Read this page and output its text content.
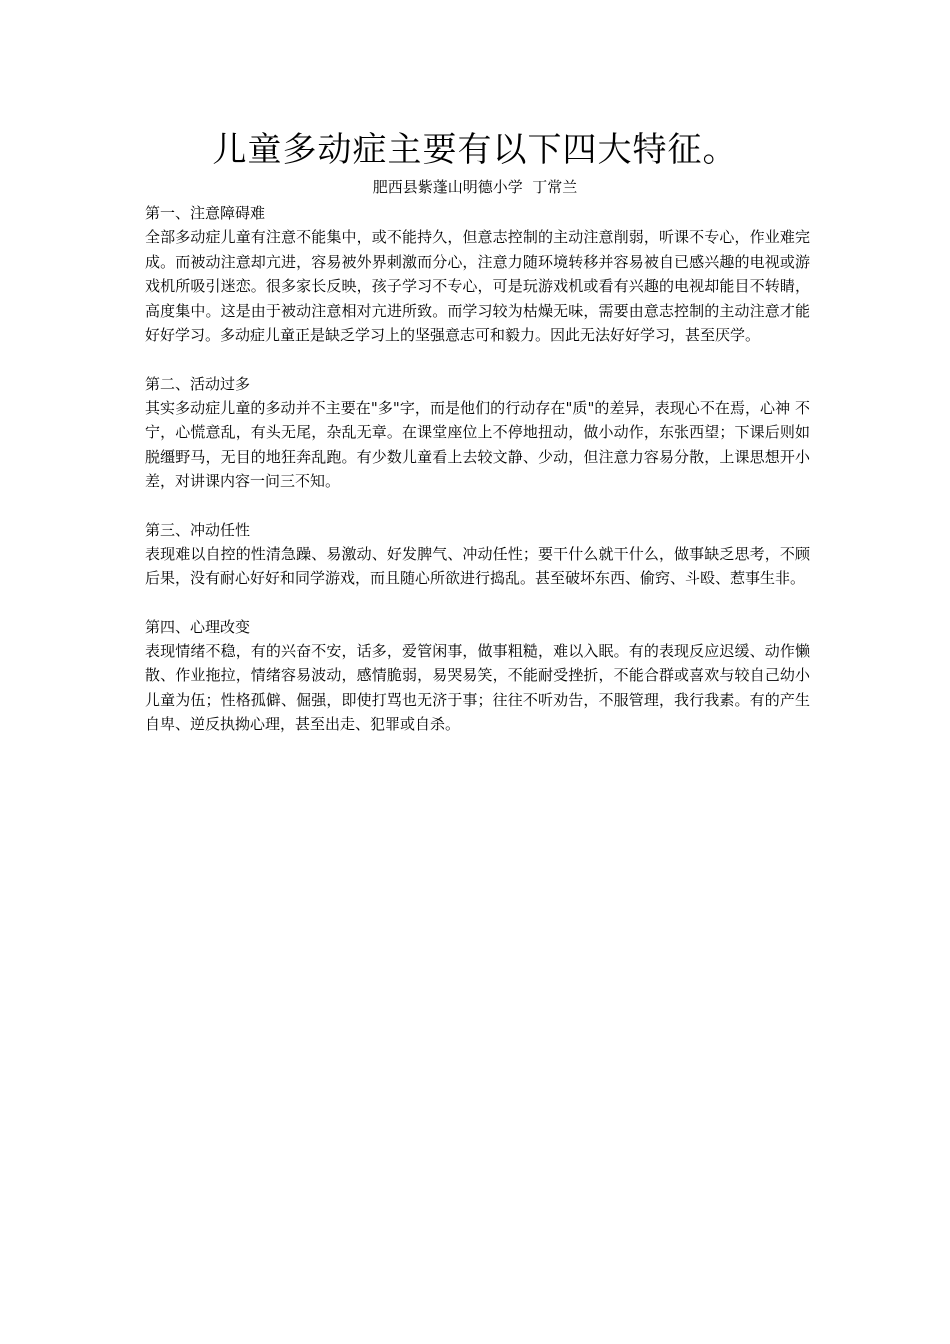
儿童多动症主要有以下四大特征。
肥西县紫蓬山明德小学  丁常兰

第一、注意障碍难

全部多动症儿童有注意不能集中，或不能持久，但意志控制的主动注意削弱，听课不专心，作业难完成。而被动注意却亢进，容易被外界刺激而分心，注意力随环境转移并容易被自已感兴趣的电视或游戏机所吸引迷恋。很多家长反映，孩子学习不专心，可是玩游戏机或看有兴趣的电视却能目不转睛，高度集中。这是由于被动注意相对亢进所致。而学习较为枯燥无味，需要由意志控制的主动注意才能好好学习。多动症儿童正是缺乏学习上的坚强意志可和毅力。因此无法好好学习，甚至厌学。

第二、活动过多

其实多动症儿童的多动并不主要在"多"字，而是他们的行动存在"质"的差异，表现心不在焉，心神 不宁，心慌意乱，有头无尾，杂乱无章。在课堂座位上不停地扭动，做小动作，东张西望；下课后则如脱缰野马，无目的地狂奔乱跑。有少数儿童看上去较文静、少动，但注意力容易分散，上课思想开小差，对讲课内容一问三不知。

第三、冲动任性

表现难以自控的性清急躁、易激动、好发脾气、冲动任性；要干什么就干什么，做事缺乏思考，不顾后果，没有耐心好好和同学游戏，而且随心所欲进行捣乱。甚至破坏东西、偷窍、斗殴、惹事生非。

第四、心理改变

表现情绪不稳，有的兴奋不安，话多，爱管闲事，做事粗糙，难以入眠。有的表现反应迟缓、动作懒散、作业拖拉，情绪容易波动，感情脆弱，易哭易笑，不能耐受挫折，不能合群或喜欢与较自己幼小儿童为伍；性格孤僻、倔强，即使打骂也无济于事；往往不听劝告，不服管理，我行我素。有的产生自卑、逆反执拗心理，甚至出走、犯罪或自杀。
